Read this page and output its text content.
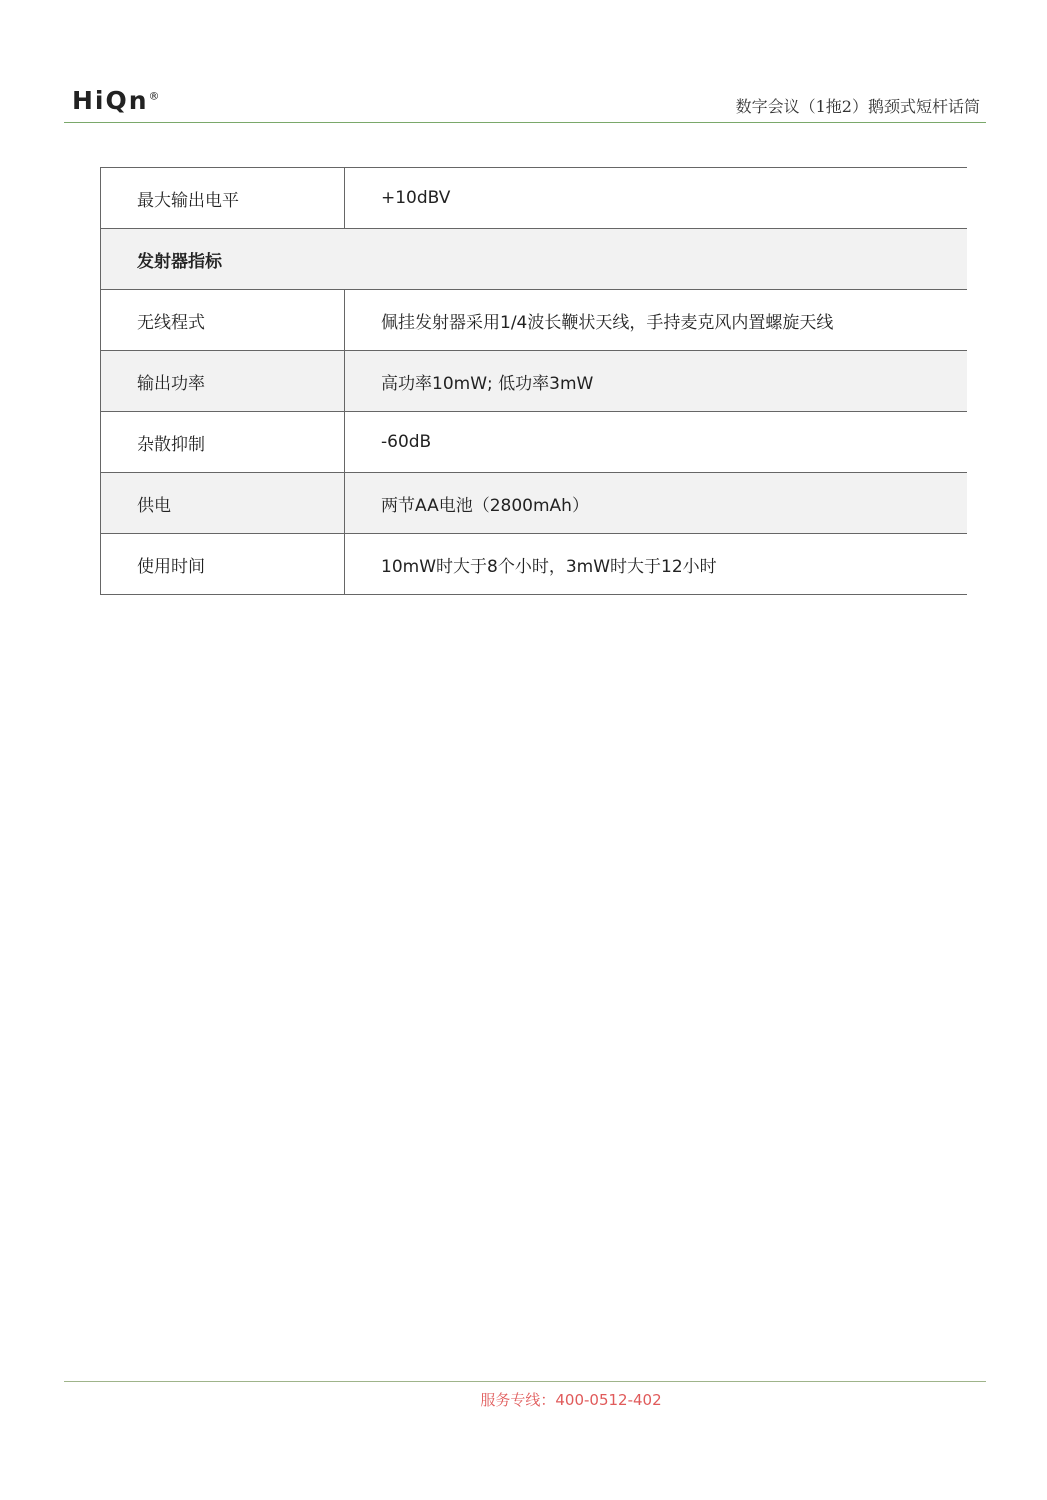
HiQn®
数字会议（1拖2）鹅颈式短杆话筒
最大输出电平	+10dBV
发射器指标	
无线程式	佩挂发射器采用1/4波长鞭状天线，手持麦克风内置螺旋天线
输出功率	高功率10mW; 低功率3mW
杂散抑制	-60dB
供电	两节AA电池（2800mAh）
使用时间	10mW时大于8个小时，3mW时大于12小时
服务专线：400-0512-402
